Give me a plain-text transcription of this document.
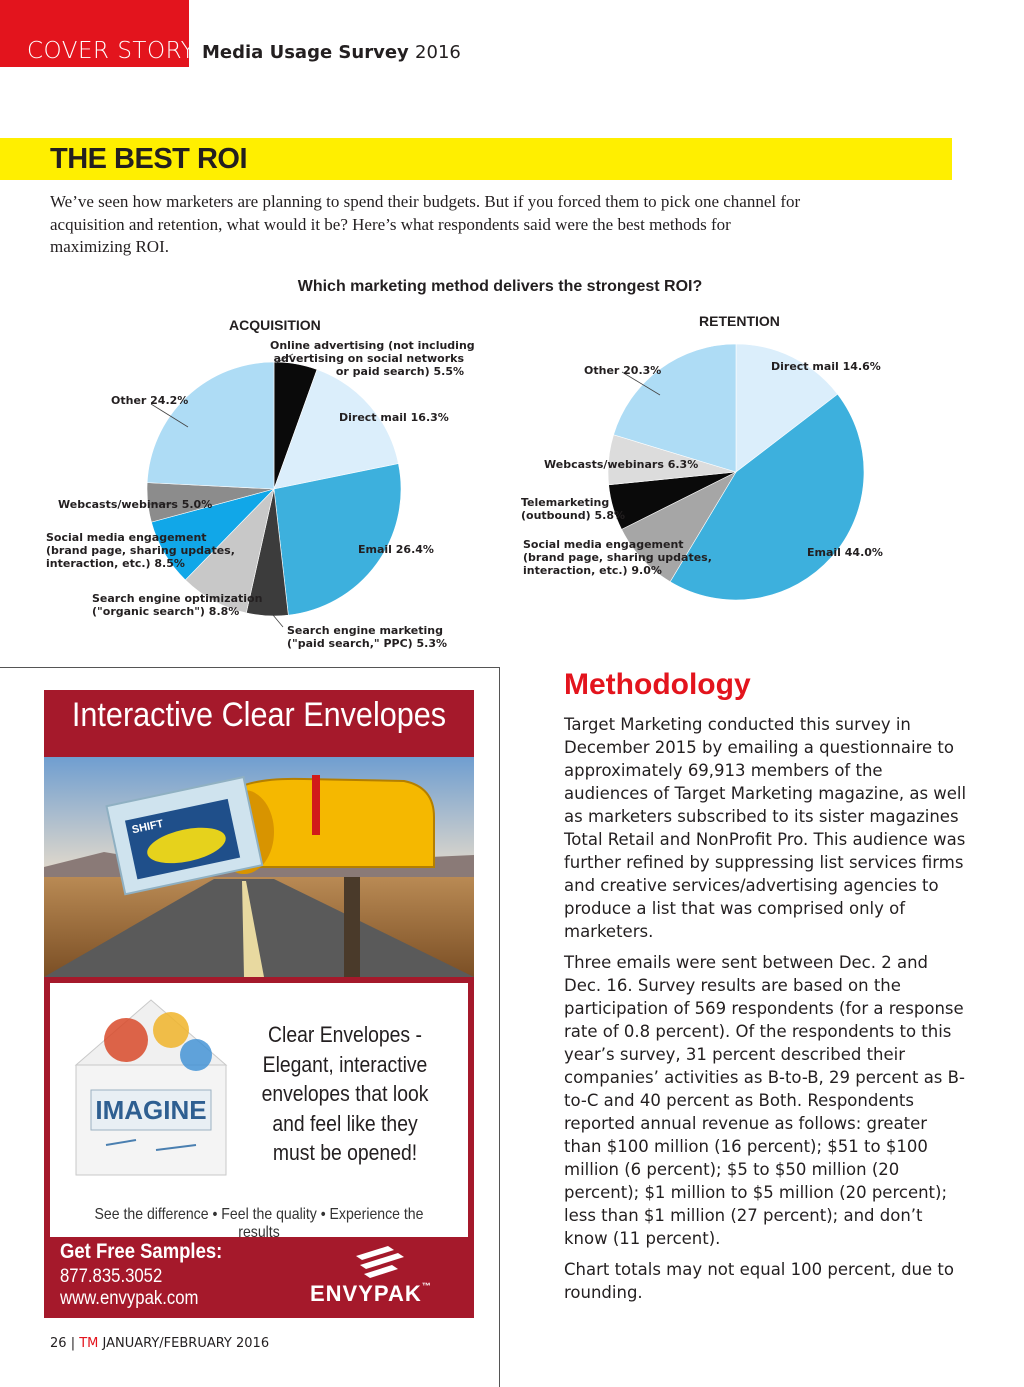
COVER STORY Media Usage Survey 2016
THE BEST ROI
We’ve seen how marketers are planning to spend their budgets. But if you forced them to pick one channel for acquisition and retention, what would it be? Here’s what respondents said were the best methods for maximizing ROI.
Which marketing method delivers the strongest ROI?
ACQUISITION	RETENTION
Online advertising (not including
advertising on social networks
or paid search) 5.5%
Direct mail 16.3%
Email 26.4%
Search engine marketing
("paid search," PPC) 5.3%
Search engine optimization
("organic search") 8.8%
Social media engagement
(brand page, sharing updates,
interaction, etc.) 8.5%
Webcasts/webinars 5.0%
Other 24.2%
Direct mail 14.6%
Email 44.0%
Social media engagement
(brand page, sharing updates,
interaction, etc.) 9.0%
Telemarketing
(outbound) 5.8%
Webcasts/webinars 6.3%
Other 20.3%
Interactive Clear Envelopes
SHIFT
IMAGINE
Clear Envelopes - Elegant, interactive envelopes that look and feel like they must be opened!
See the difference • Feel the quality • Experience the results
Get Free Samples:
877.835.3052
www.envypak.com	ENVYPAK™
Methodology

Target Marketing conducted this survey in December 2015 by emailing a questionnaire to approximately 69,913 members of the audiences of Target Marketing magazine, as well as marketers subscribed to its sister magazines Total Retail and NonProfit Pro. This audience was further refined by suppressing list services firms and creative services/advertising agencies to produce a list that was comprised only of marketers.

Three emails were sent between Dec. 2 and Dec. 16. Survey results are based on the participation of 569 respondents (for a response rate of 0.8 percent). Of the respondents to this year’s survey, 31 percent described their companies’ activities as B-to-B, 29 percent as B-to-C and 40 percent as Both. Respondents reported annual revenue as follows: greater than $100 million (16 percent); $51 to $100 million (6 percent); $5 to $50 million (20 percent); $1 million to $5 million (20 percent); less than $1 million (27 percent); and don’t know (11 percent).

Chart totals may not equal 100 percent, due to rounding.

26 | TM JANUARY/FEBRUARY 2016
